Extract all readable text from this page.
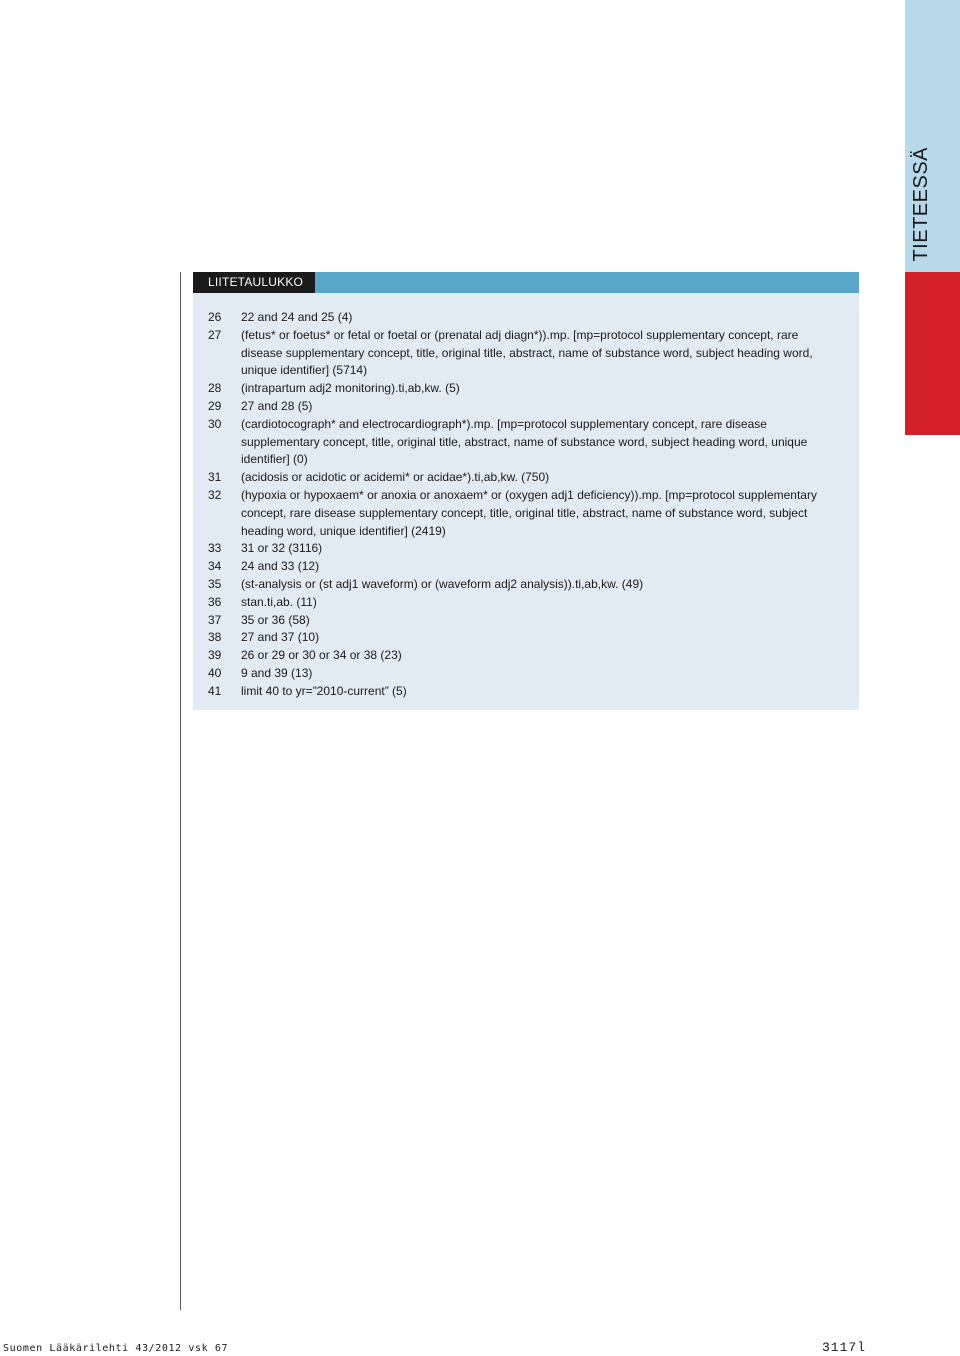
TIETEESSÄ
LIITETAULUKKO
26	22 and 24 and 25 (4)
27	(fetus* or foetus* or fetal or foetal or (prenatal adj diagn*)).mp. [mp=protocol supplementary concept, rare disease supplementary concept, title, original title, abstract, name of substance word, subject heading word, unique identifier] (5714)
28	(intrapartum adj2 monitoring).ti,ab,kw. (5)
29	27 and 28 (5)
30	(cardiotocograph* and electrocardiograph*).mp. [mp=protocol supplementary concept, rare disease supplementary concept, title, original title, abstract, name of substance word, subject heading word, unique identifier] (0)
31	(acidosis or acidotic or acidemi* or acidae*).ti,ab,kw. (750)
32	(hypoxia or hypoxaem* or anoxia or anoxaem* or (oxygen adj1 deficiency)).mp. [mp=protocol supplementary concept, rare disease supplementary concept, title, original title, abstract, name of substance word, subject heading word, unique identifier] (2419)
33	31 or 32 (3116)
34	24 and 33 (12)
35	(st-analysis or (st adj1 waveform) or (waveform adj2 analysis)).ti,ab,kw. (49)
36	stan.ti,ab. (11)
37	35 or 36 (58)
38	27 and 37 (10)
39	26 or 29 or 30 or 34 or 38 (23)
40	9 and 39 (13)
41	limit 40 to yr=”2010-current” (5)
Suomen Lääkärilehti 43/2012 vsk 67	3117l
